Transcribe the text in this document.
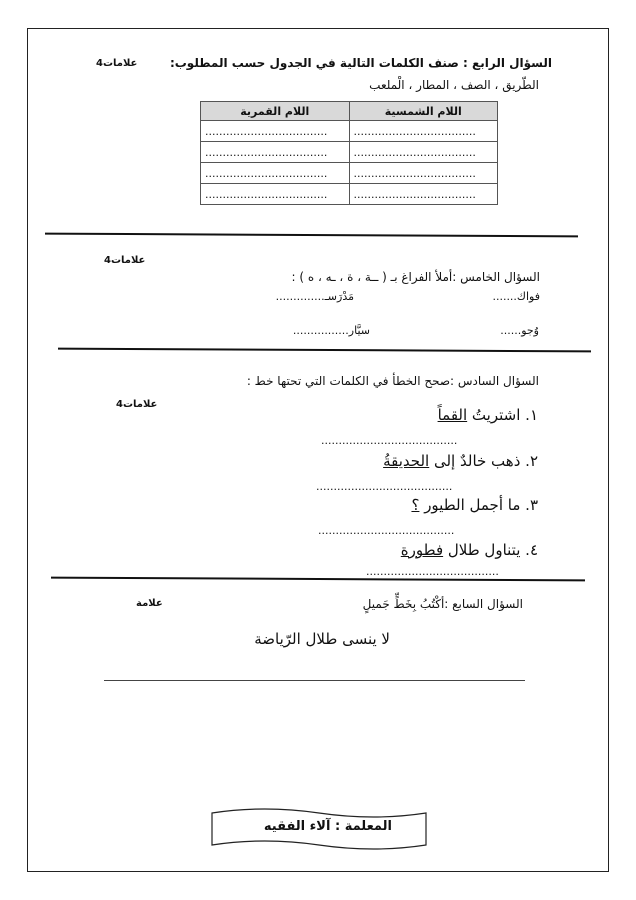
السؤال الرابع : صنف الكلمات التالية في الجدول حسب المطلوب:
4علامات
الطّريق ، الصف ، المطار ، الْملعب
اللام الشمسية	اللام القمرية
...................................	...................................
...................................	...................................
...................................	...................................
...................................	...................................
4علامات
السؤال الخامس :أملأ الفراغ بـ ( ــة ، ة ، ـه ، ه ) :
فواك.......
مَدْرَسـ..............
وُجو......
سيَّار................
السؤال السادس :صحح الخطأ في الكلمات التي تحتها خط :
4علامات
١. اشتريتُ القماً
.......................................
٢. ذهب خالدٌ إلى الحديقةُ
.......................................
٣. ما أجمل الطيور ؟
.......................................
٤. يتناول طلال فطورة
......................................
السؤال السابع :أكْتُبُ بِخَطٍّ جَميلٍ
علامة
لا ينسى طلال الرّياضة
المعلمة : آلاء الفقيه
